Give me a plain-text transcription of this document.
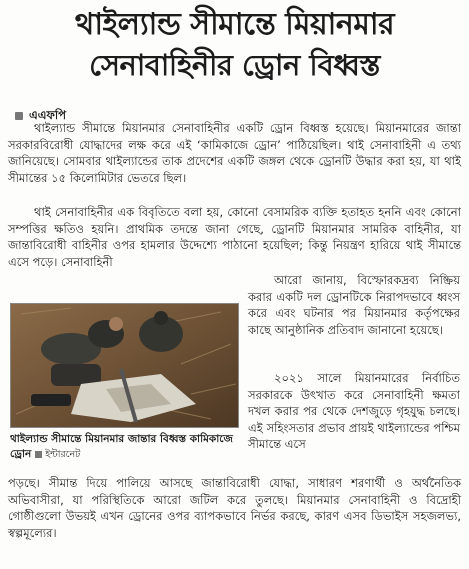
থাইল্যান্ড সীমান্তে মিয়ানমার
সেনাবাহিনীর ড্রোন বিধ্বস্ত
এএফপি
থাইল্যান্ড সীমান্তে মিয়ানমার সেনাবাহিনীর একটি ড্রোন বিধ্বস্ত হয়েছে। মিয়ানমারের জান্তা সরকারবিরোধী যোদ্ধাদের লক্ষ করে এই ‘কামিকাজে ড্রোন’ পাঠিয়েছিল। থাই সেনাবাহিনী এ তথ্য জানিয়েছে। সোমবার থাইল্যান্ডের তাক প্রদেশের একটি জঙ্গল থেকে ড্রোনটি উদ্ধার করা হয়, যা থাই সীমান্তের ১৫ কিলোমিটার ভেতরে ছিল।
থাই সেনাবাহিনীর এক বিবৃতিতে বলা হয়, কোনো বেসামরিক ব্যক্তি হতাহত হননি এবং কোনো সম্পত্তির ক্ষতিও হয়নি। প্রাথমিক তদন্তে জানা গেছে, ড্রোনটি মিয়ানমার সামরিক বাহিনীর, যা জান্তাবিরোধী বাহিনীর ওপর হামলার উদ্দেশ্যে পাঠানো হয়েছিল; কিন্তু নিয়ন্ত্রণ হারিয়ে থাই সীমান্তে এসে পড়ে। সেনাবাহিনী
আরো জানায়, বিস্ফোরকদ্রব্য নিষ্ক্রিয় করার একটি দল ড্রোনটিকে নিরাপদভাবে ধ্বংস করে এবং ঘটনার পর মিয়ানমার কর্তৃপক্ষের কাছে আনুষ্ঠানিক প্রতিবাদ জানানো হয়েছে।
২০২১ সালে মিয়ানমারের নির্বাচিত সরকারকে উৎখাত করে সেনাবাহিনী ক্ষমতা দখল করার পর থেকে দেশজুড়ে গৃহযুদ্ধ চলছে। এই সহিংসতার প্রভাব প্রায়ই থাইল্যান্ডের পশ্চিম সীমান্তে এসে
থাইল্যান্ড সীমান্তে মিয়ানমার জান্তার বিধ্বস্ত কামিকাজে ড্রোন ইন্টারনেট
পড়ছে। সীমান্ত দিয়ে পালিয়ে আসছে জান্তাবিরোধী যোদ্ধা, সাধারণ শরণার্থী ও অর্থনৈতিক অভিবাসীরা, যা পরিস্থিতিকে আরো জটিল করে তুলছে। মিয়ানমার সেনাবাহিনী ও বিদ্রোহী গোষ্ঠীগুলো উভয়ই এখন ড্রোনের ওপর ব্যাপকভাবে নির্ভর করছে, কারণ এসব ডিভাইস সহজলভ্য, স্বল্পমূল্যের।
